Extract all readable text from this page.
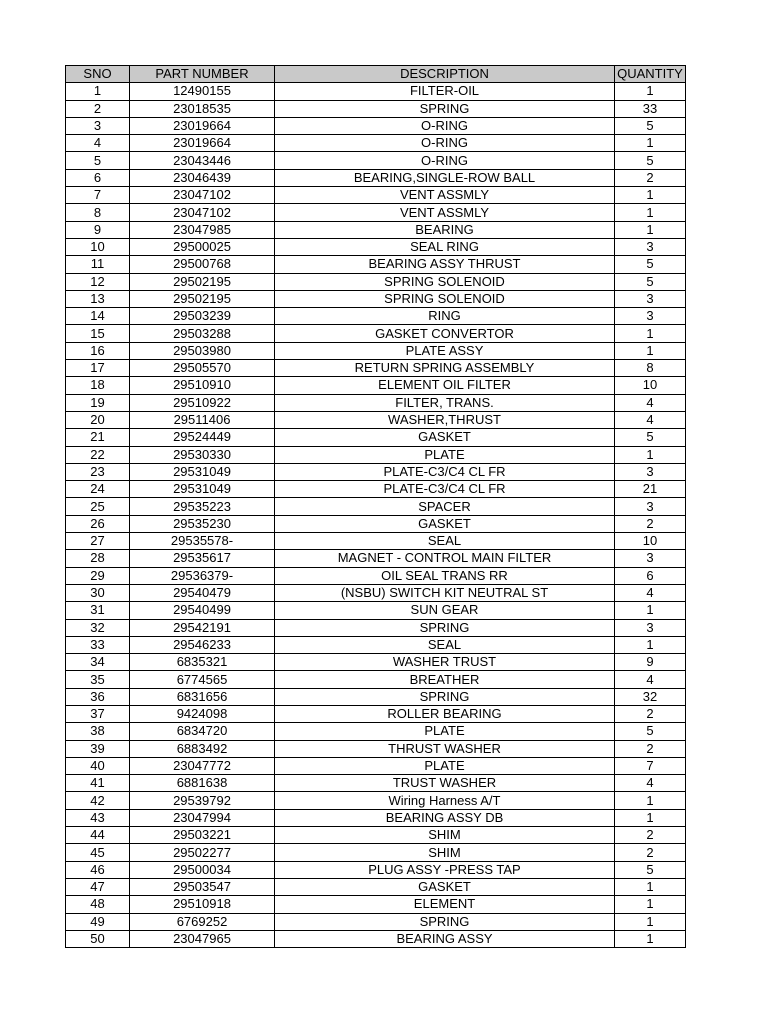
SNO	PART NUMBER	DESCRIPTION	QUANTITY
1	12490155	FILTER-OIL	1
2	23018535	SPRING	33
3	23019664	O-RING	5
4	23019664	O-RING	1
5	23043446	O-RING	5
6	23046439	BEARING,SINGLE-ROW BALL	2
7	23047102	VENT ASSMLY	1
8	23047102	VENT ASSMLY	1
9	23047985	BEARING	1
10	29500025	SEAL RING	3
11	29500768	BEARING ASSY THRUST	5
12	29502195	SPRING SOLENOID	5
13	29502195	SPRING SOLENOID	3
14	29503239	RING	3
15	29503288	GASKET CONVERTOR	1
16	29503980	PLATE ASSY	1
17	29505570	RETURN SPRING ASSEMBLY	8
18	29510910	ELEMENT OIL FILTER	10
19	29510922	FILTER, TRANS.	4
20	29511406	WASHER,THRUST	4
21	29524449	GASKET	5
22	29530330	PLATE	1
23	29531049	PLATE-C3/C4 CL FR	3
24	29531049	PLATE-C3/C4 CL FR	21
25	29535223	SPACER	3
26	29535230	GASKET	2
27	29535578-	SEAL	10
28	29535617	MAGNET - CONTROL MAIN FILTER	3
29	29536379-	OIL SEAL TRANS RR	6
30	29540479	(NSBU) SWITCH KIT NEUTRAL ST	4
31	29540499	SUN GEAR	1
32	29542191	SPRING	3
33	29546233	SEAL	1
34	6835321	WASHER TRUST	9
35	6774565	BREATHER	4
36	6831656	SPRING	32
37	9424098	ROLLER BEARING	2
38	6834720	PLATE	5
39	6883492	THRUST WASHER	2
40	23047772	PLATE	7
41	6881638	TRUST WASHER	4
42	29539792	Wiring Harness A/T	1
43	23047994	BEARING ASSY DB	1
44	29503221	SHIM	2
45	29502277	SHIM	2
46	29500034	PLUG ASSY -PRESS TAP	5
47	29503547	GASKET	1
48	29510918	ELEMENT	1
49	6769252	SPRING	1
50	23047965	BEARING ASSY	1
